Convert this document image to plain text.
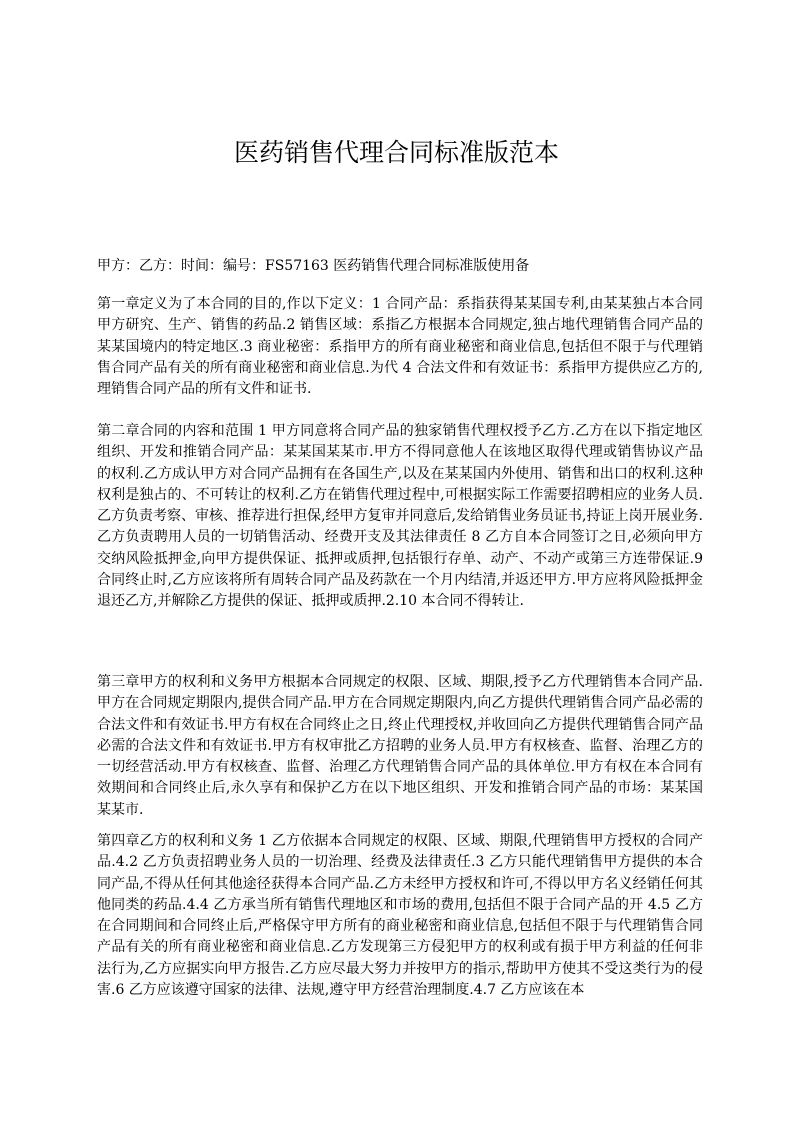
医药销售代理合同标准版范本

甲方：乙方：时间：编号：FS57163 医药销售代理合同标准版使用备

第一章定义为了本合同的目的,作以下定义：1 合同产品：系指获得某某国专利,由某某独占本合同甲方研究、生产、销售的药品.2 销售区域：系指乙方根据本合同规定,独占地代理销售合同产品的某某国境内的特定地区.3 商业秘密：系指甲方的所有商业秘密和商业信息,包括但不限于与代理销售合同产品有关的所有商业秘密和商业信息.为代 4 合法文件和有效证书：系指甲方提供应乙方的,理销售合同产品的所有文件和证书.

第二章合同的内容和范围 1 甲方同意将合同产品的独家销售代理权授予乙方.乙方在以下指定地区组织、开发和推销合同产品：某某国某某市.甲方不得同意他人在该地区取得代理或销售协议产品的权利.乙方成认甲方对合同产品拥有在各国生产,以及在某某国内外使用、销售和出口的权利.这种权利是独占的、不可转让的权利.乙方在销售代理过程中,可根据实际工作需要招聘相应的业务人员.乙方负责考察、审核、推荐进行担保,经甲方复审并同意后,发给销售业务员证书,持证上岗开展业务.乙方负责聘用人员的一切销售活动、经费开支及其法律责任 8 乙方自本合同签订之日,必须向甲方交纳风险抵押金,向甲方提供保证、抵押或质押,包括银行存单、动产、不动产或第三方连带保证.9 合同终止时,乙方应该将所有周转合同产品及药款在一个月内结清,并返还甲方.甲方应将风险抵押金退还乙方,并解除乙方提供的保证、抵押或质押.2.10 本合同不得转让.

第三章甲方的权利和义务甲方根据本合同规定的权限、区域、期限,授予乙方代理销售本合同产品.甲方在合同规定期限内,提供合同产品.甲方在合同规定期限内,向乙方提供代理销售合同产品必需的合法文件和有效证书.甲方有权在合同终止之日,终止代理授权,并收回向乙方提供代理销售合同产品必需的合法文件和有效证书.甲方有权审批乙方招聘的业务人员.甲方有权核查、监督、治理乙方的一切经营活动.甲方有权核查、监督、治理乙方代理销售合同产品的具体单位.甲方有权在本合同有效期间和合同终止后,永久享有和保护乙方在以下地区组织、开发和推销合同产品的市场：某某国某某市.

第四章乙方的权利和义务 1 乙方依据本合同规定的权限、区域、期限,代理销售甲方授权的合同产品.4.2 乙方负责招聘业务人员的一切治理、经费及法律责任.3 乙方只能代理销售甲方提供的本合同产品,不得从任何其他途径获得本合同产品.乙方未经甲方授权和许可,不得以甲方名义经销任何其他同类的药品.4.4 乙方承当所有销售代理地区和市场的费用,包括但不限于合同产品的开 4.5 乙方在合同期间和合同终止后,严格保守甲方所有的商业秘密和商业信息,包括但不限于与代理销售合同产品有关的所有商业秘密和商业信息.乙方发现第三方侵犯甲方的权利或有损于甲方利益的任何非法行为,乙方应据实向甲方报告.乙方应尽最大努力并按甲方的指示,帮助甲方使其不受这类行为的侵害.6 乙方应该遵守国家的法律、法规,遵守甲方经营治理制度.4.7 乙方应该在本
